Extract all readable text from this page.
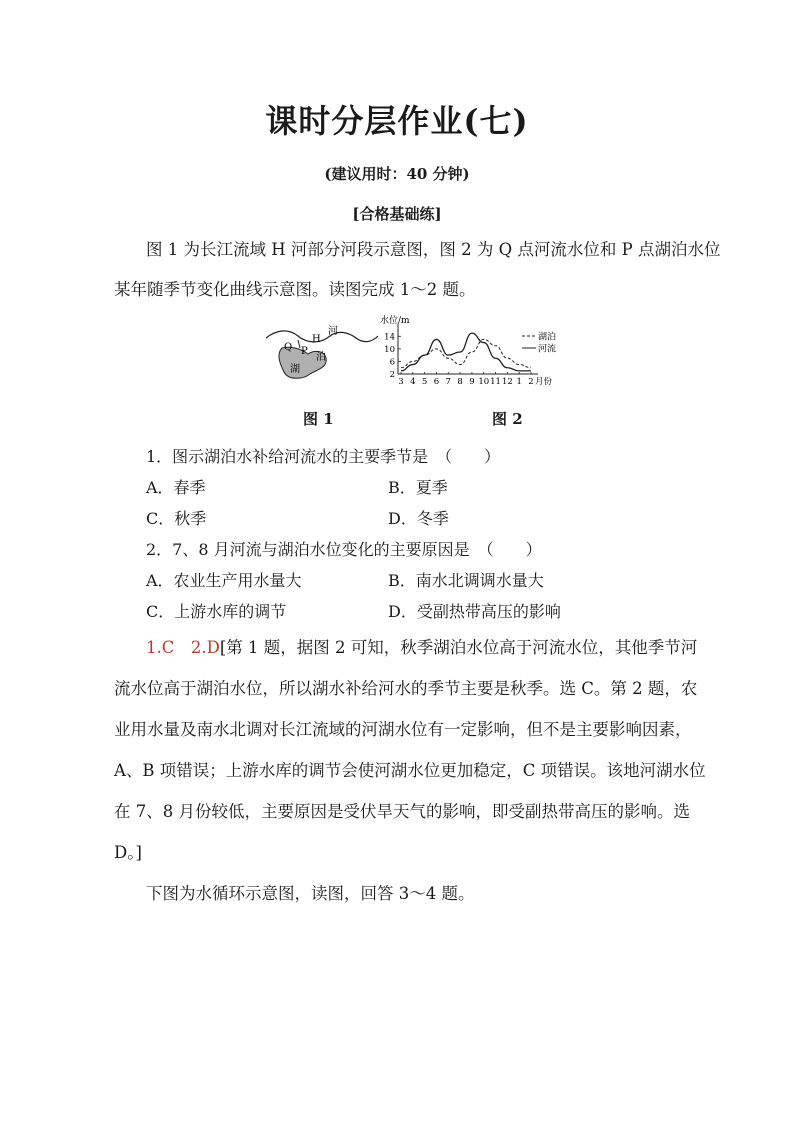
课时分层作业(七)
(建议用时：40 分钟)
[合格基础练]
图 1 为长江流域 H 河部分河段示意图，图 2 为 Q 点河流水位和 P 点湖泊水位
某年随季节变化曲线示意图。读图完成 1～2 题。
Q P
H
河
泊
湖
水位/m
2
6
10
14
3 4 5 6 7 8 9 10 11 12 1 2 月份
湖泊
河流
图 1	图 2
1．图示湖泊水补给河流水的主要季节是　（　　）
A．春季	B．夏季
C．秋季	D．冬季
2．7、8 月河流与湖泊水位变化的主要原因是　（　　）
A．农业生产用水量大	B．南水北调调水量大
C．上游水库的调节	D．受副热带高压的影响
1.C　2.D[第 1 题，据图 2 可知，秋季湖泊水位高于河流水位，其他季节河
流水位高于湖泊水位，所以湖水补给河水的季节主要是秋季。选 C。第 2 题，农
业用水量及南水北调对长江流域的河湖水位有一定影响，但不是主要影响因素，
A、B 项错误；上游水库的调节会使河湖水位更加稳定，C 项错误。该地河湖水位
在 7、8 月份较低，主要原因是受伏旱天气的影响，即受副热带高压的影响。选
D。]
下图为水循环示意图，读图，回答 3～4 题。
